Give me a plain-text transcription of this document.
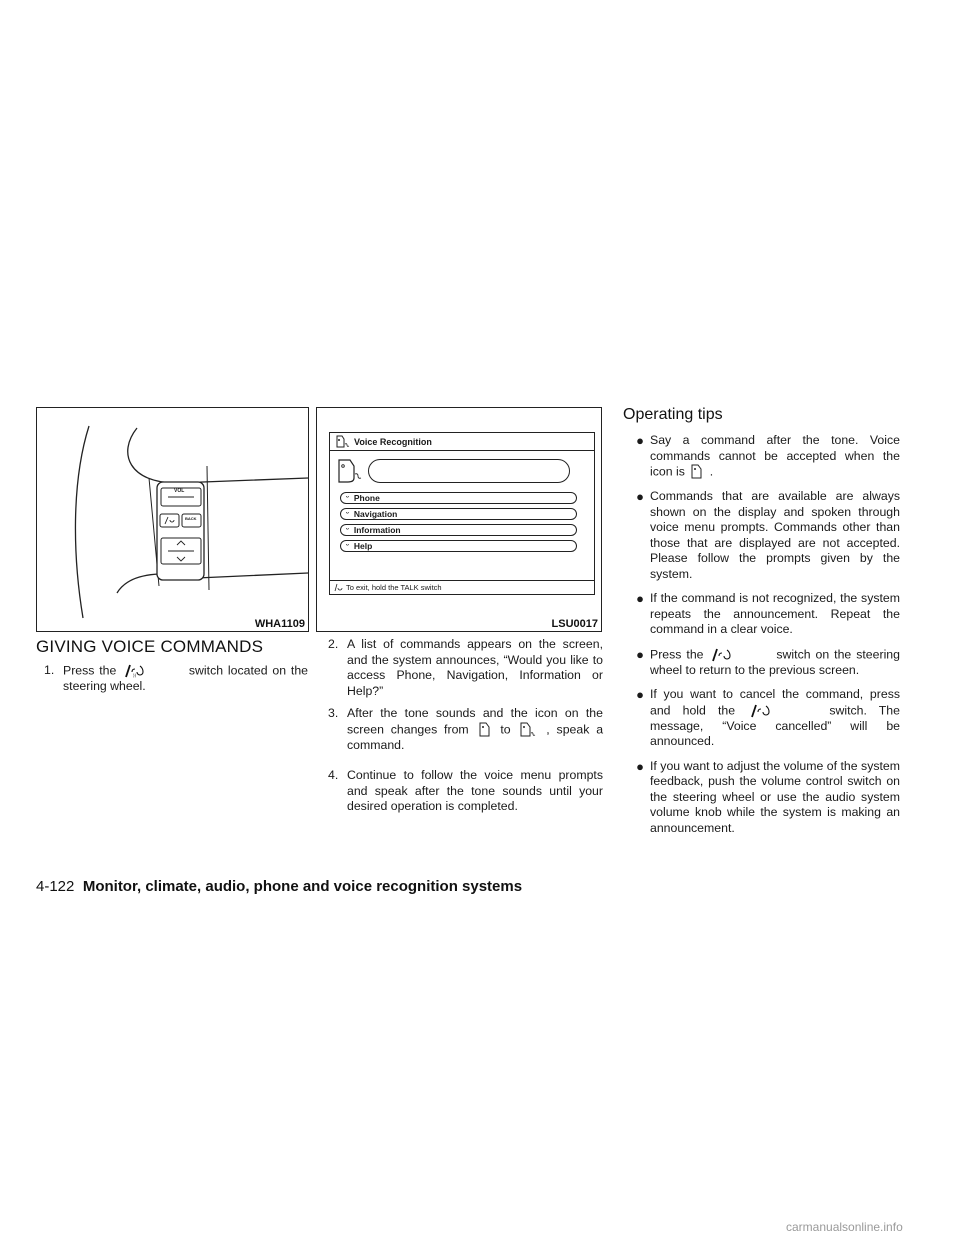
VOL
BACK
WHA1109
Voice Recognition
ᵕ Phone
ᵕ Navigation
ᵕ Information
ᵕ Help
To exit, hold the TALK switch
LSU0017
GIVING VOICE COMMANDS
1. Press the	))	switch located on the steering wheel.
2. A list of commands appears on the screen, and the system announces, “Would you like to access Phone, Navigation, Information or Help?”
3. After the tone sounds and the icon on the screen changes from	to	, speak a command.
4. Continue to follow the voice menu prompts and speak after the tone sounds until your desired operation is completed.
Operating tips
● Say a command after the tone. Voice commands cannot be accepted when the icon is .
● Commands that are available are always shown on the display and spoken through voice menu prompts. Commands other than those that are displayed are not accepted. Please follow the prompts given by the system.
● If the command is not recognized, the system repeats the announcement. Repeat the command in a clear voice.
● Press the	switch on the steering wheel to return to the previous screen.
● If you want to cancel the command, press and hold the	switch. The message, “Voice cancelled” will be announced.
● If you want to adjust the volume of the system feedback, push the volume control switch on the steering wheel or use the audio system volume knob while the system is making an announcement.
4-122 Monitor, climate, audio, phone and voice recognition systems
carmanualsonline.info
